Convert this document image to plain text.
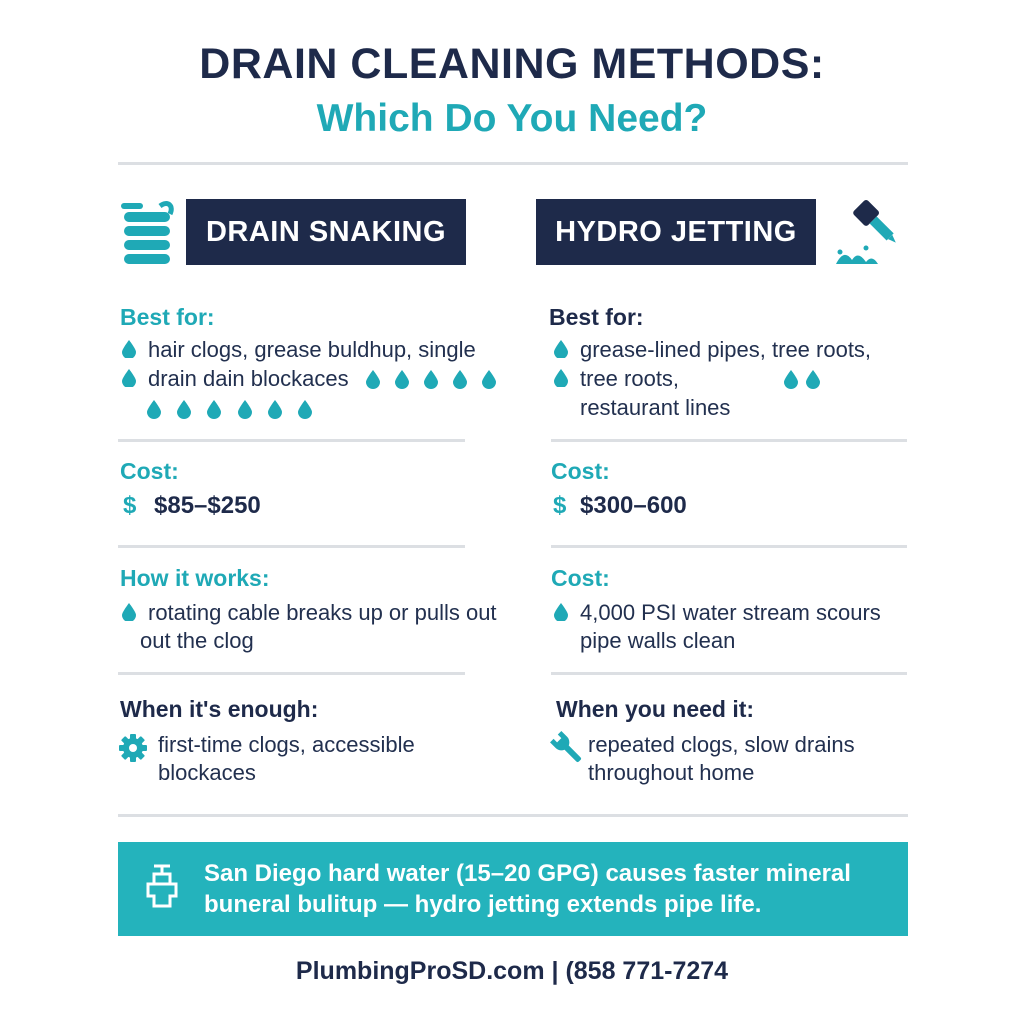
DRAIN CLEANING METHODS:
Which Do You Need?
DRAIN SNAKING	HYDRO JETTING
Best for:
hair clogs, grease buldhup, single
drain dain blockaces
Cost:
$ $85–$250
How it works:
rotating cable breaks up or pulls out
out the clog
When it's enough:
first-time clogs, accessible
blockaces
Best for:
grease-lined pipes, tree roots,
tree roots,
restaurant lines
Cost:
$ $300–600
Cost:
4,000 PSI water stream scours
pipe walls clean
When you need it:
repeated clogs, slow drains
throughout home
San Diego hard water (15–20 GPG) causes faster mineral
buneral bulitup — hydro jetting extends pipe life.
PlumbingProSD.com | (858 771-7274
